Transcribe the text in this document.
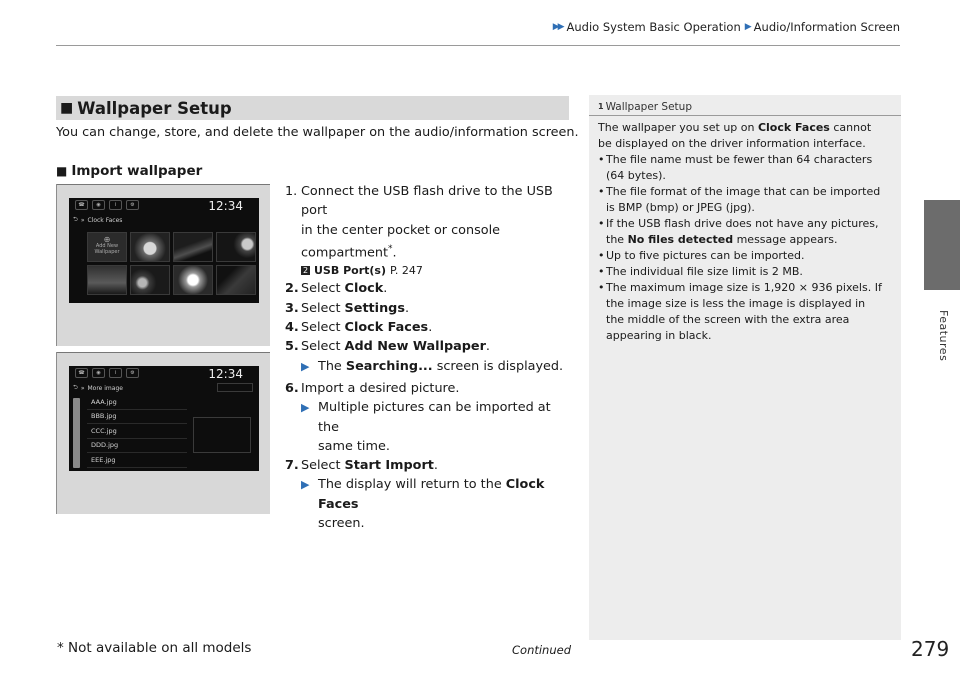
▶▶ Audio System Basic Operation ▶ Audio/Information Screen
Features
■ Wallpaper Setup
You can change, store, and delete the wallpaper on the audio/information screen.
■ Import wallpaper
☎	◉	i	⚙	12:34
⮌ » Clock Faces
⊕
Add New Wallpaper
☎	◉	i	⚙	12:34
⮌ » More image
AAA.jpg
BBB.jpg
CCC.jpg
DDD.jpg
EEE.jpg
1. Connect the USB flash drive to the USB port
in the center pocket or console
compartment*.
2 USB Port(s) P. 247
2. Select Clock.
3. Select Settings.
4. Select Clock Faces.
5. Select Add New Wallpaper.
▶ The Searching... screen is displayed.
6. Import a desired picture.
▶ Multiple pictures can be imported at the
same time.
7. Select Start Import.
▶ The display will return to the Clock Faces
screen.
1 Wallpaper Setup
The wallpaper you set up on Clock Faces cannot be displayed on the driver information interface.
• The file name must be fewer than 64 characters (64 bytes).
• The file format of the image that can be imported is BMP (bmp) or JPEG (jpg).
• If the USB flash drive does not have any pictures, the No files detected message appears.
• Up to five pictures can be imported.
• The individual file size limit is 2 MB.
• The maximum image size is 1,920 × 936 pixels. If the image size is less the image is displayed in the middle of the screen with the extra area appearing in black.
* Not available on all models	Continued	279
